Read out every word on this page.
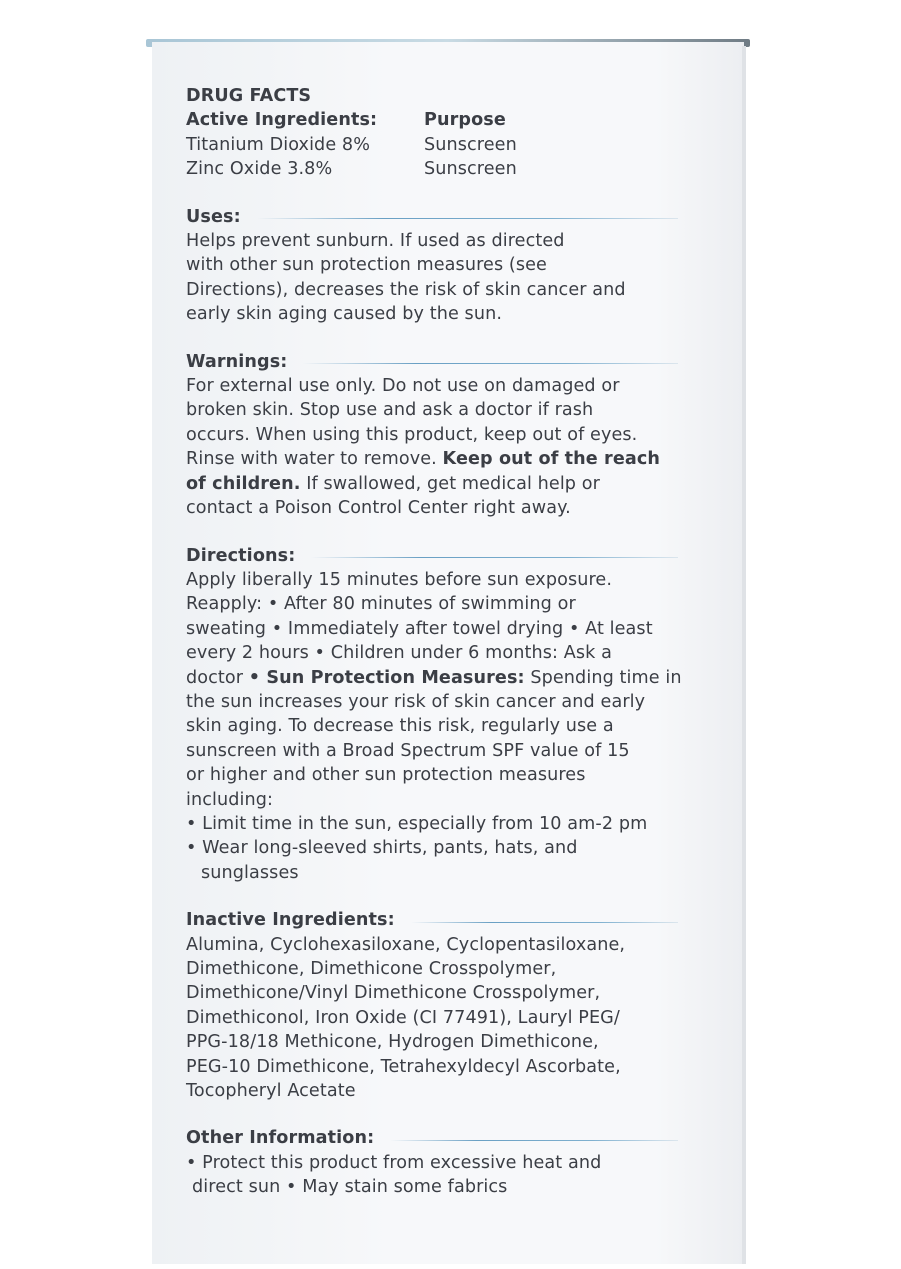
DRUG FACTS

Active Ingredients:	Purpose
Titanium Dioxide 8%	Sunscreen
Zinc Oxide 3.8%	Sunscreen
Uses:

Helps prevent sunburn. If used as directed

with other sun protection measures (see

Directions), decreases the risk of skin cancer and

early skin aging caused by the sun.

Warnings:

For external use only. Do not use on damaged or

broken skin. Stop use and ask a doctor if rash

occurs. When using this product, keep out of eyes.

Rinse with water to remove. Keep out of the reach

of children. If swallowed, get medical help or

contact a Poison Control Center right away.

Directions:

Apply liberally 15 minutes before sun exposure.

Reapply: • After 80 minutes of swimming or

sweating • Immediately after towel drying • At least

every 2 hours • Children under 6 months: Ask a

doctor • Sun Protection Measures: Spending time in

the sun increases your risk of skin cancer and early

skin aging. To decrease this risk, regularly use a

sunscreen with a Broad Spectrum SPF value of 15

or higher and other sun protection measures

including:

• Limit time in the sun, especially from 10 am-2 pm

• Wear long-sleeved shirts, pants, hats, and

sunglasses

Inactive Ingredients:

Alumina, Cyclohexasiloxane, Cyclopentasiloxane,

Dimethicone, Dimethicone Crosspolymer,

Dimethicone/Vinyl Dimethicone Crosspolymer,

Dimethiconol, Iron Oxide (CI 77491), Lauryl PEG/

PPG-18/18 Methicone, Hydrogen Dimethicone,

PEG-10 Dimethicone, Tetrahexyldecyl Ascorbate,

Tocopheryl Acetate

Other Information:

• Protect this product from excessive heat and

direct sun • May stain some fabrics
